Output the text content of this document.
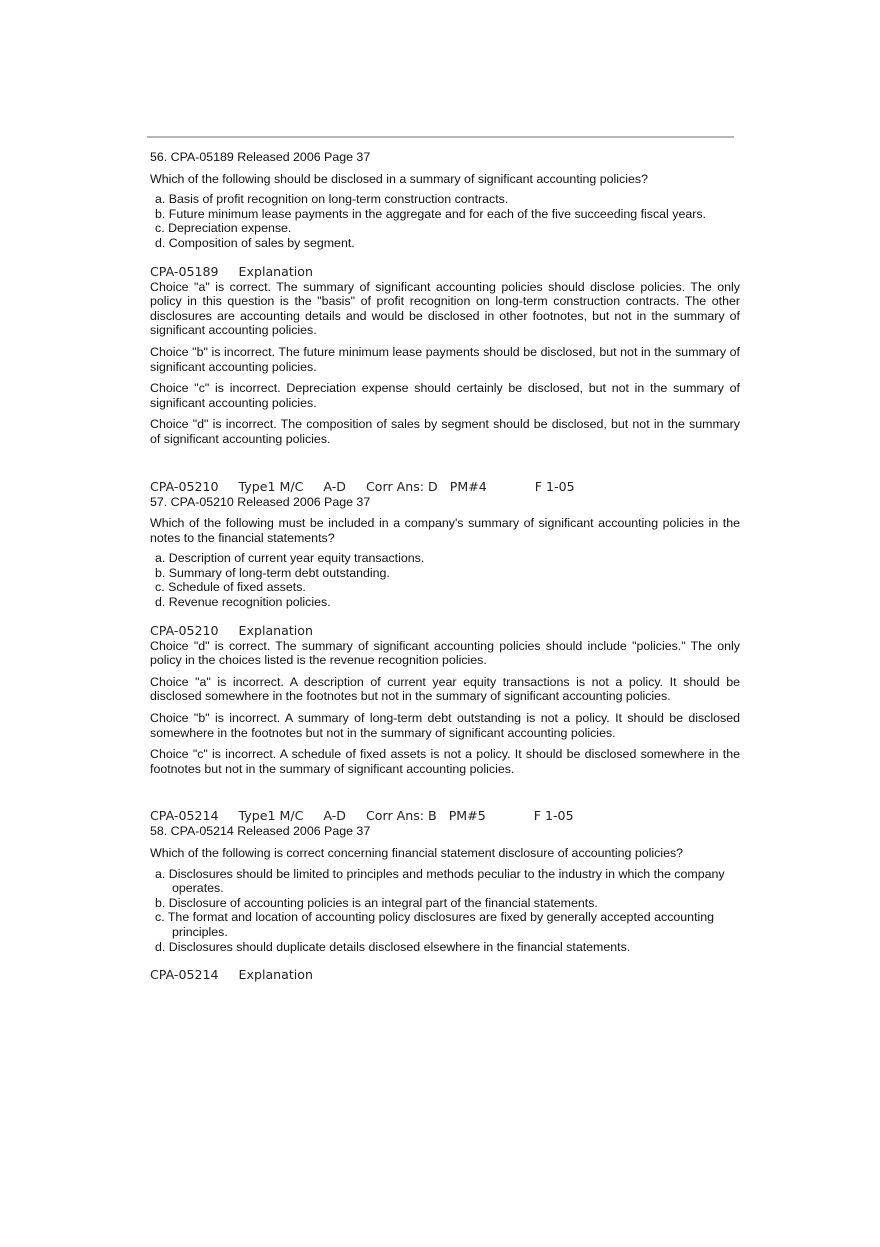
56. CPA-05189 Released 2006 Page 37

Which of the following should be disclosed in a summary of significant accounting policies?

a. Basis of profit recognition on long-term construction contracts.

b. Future minimum lease payments in the aggregate and for each of the five succeeding fiscal years.

c. Depreciation expense.

d. Composition of sales by segment.

CPA-05189     Explanation

Choice "a" is correct. The summary of significant accounting policies should disclose policies. The only policy in this question is the "basis" of profit recognition on long-term construction contracts. The other disclosures are accounting details and would be disclosed in other footnotes, but not in the summary of significant accounting policies.

Choice "b" is incorrect. The future minimum lease payments should be disclosed, but not in the summary of significant accounting policies.

Choice "c" is incorrect. Depreciation expense should certainly be disclosed, but not in the summary of significant accounting policies.

Choice "d" is incorrect. The composition of sales by segment should be disclosed, but not in the summary of significant accounting policies.

CPA-05210     Type1 M/C     A-D     Corr Ans: D   PM#4            F 1-05

57. CPA-05210 Released 2006 Page 37

Which of the following must be included in a company's summary of significant accounting policies in the notes to the financial statements?

a. Description of current year equity transactions.

b. Summary of long-term debt outstanding.

c. Schedule of fixed assets.

d. Revenue recognition policies.

CPA-05210     Explanation

Choice "d" is correct. The summary of significant accounting policies should include "policies." The only policy in the choices listed is the revenue recognition policies.

Choice "a" is incorrect. A description of current year equity transactions is not a policy. It should be disclosed somewhere in the footnotes but not in the summary of significant accounting policies.

Choice "b" is incorrect. A summary of long-term debt outstanding is not a policy. It should be disclosed somewhere in the footnotes but not in the summary of significant accounting policies.

Choice "c" is incorrect. A schedule of fixed assets is not a policy. It should be disclosed somewhere in the footnotes but not in the summary of significant accounting policies.

CPA-05214     Type1 M/C     A-D     Corr Ans: B   PM#5            F 1-05

58. CPA-05214 Released 2006 Page 37

Which of the following is correct concerning financial statement disclosure of accounting policies?

a. Disclosures should be limited to principles and methods peculiar to the industry in which the company operates.

b. Disclosure of accounting policies is an integral part of the financial statements.

c. The format and location of accounting policy disclosures are fixed by generally accepted accounting principles.

d. Disclosures should duplicate details disclosed elsewhere in the financial statements.

CPA-05214     Explanation
